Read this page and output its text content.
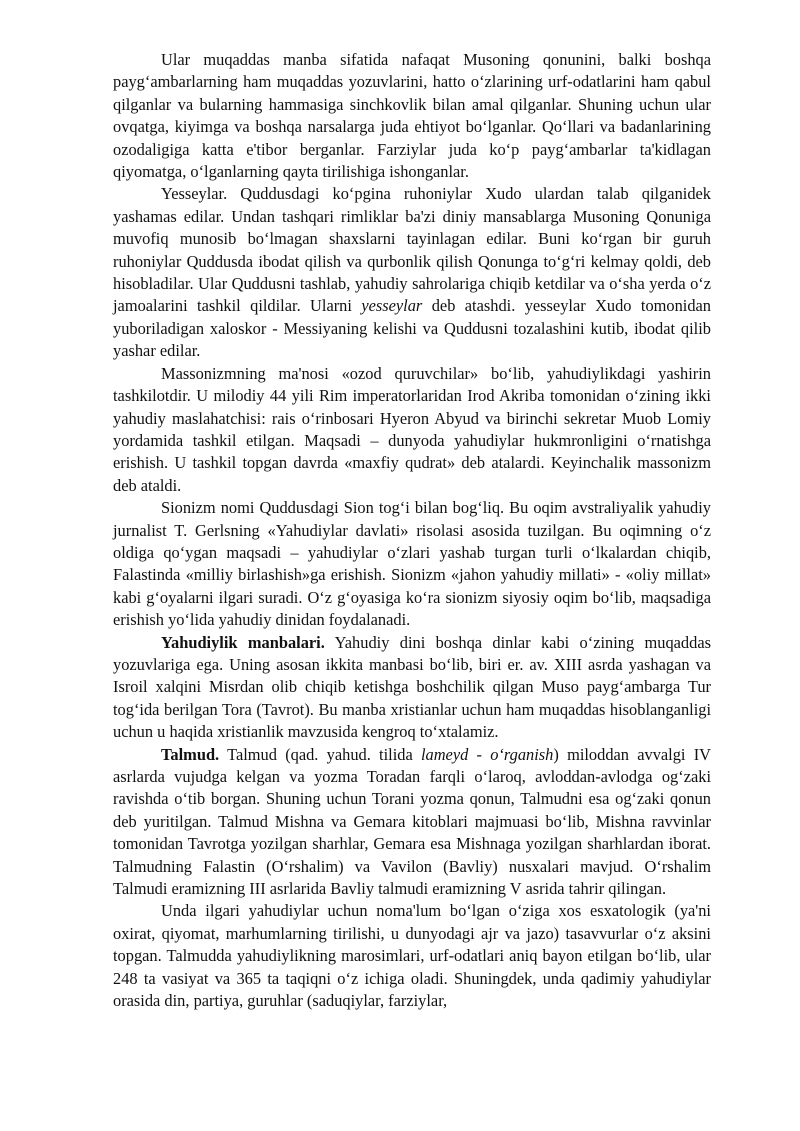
Ular muqaddas manba sifatida nafaqat Musoning qonunini, balki boshqa payg‘ambarlarning ham muqaddas yozuvlarini, hatto o‘zlarining urf-odatlarini ham qabul qilganlar va bularning hammasiga sinchkovlik bilan amal qilganlar. Shuning uchun ular ovqatga, kiyimga va boshqa narsalarga juda ehtiyot bo‘lganlar. Qo‘llari va badanlarining ozodaligiga katta e'tibor berganlar. Farziylar juda ko‘p payg‘ambarlar ta'kidlagan qiyomatga, o‘lganlarning qayta tirilishiga ishonganlar.

Yesseylar. Quddusdagi ko‘pgina ruhoniylar Xudo ulardan talab qilganidek yashamas edilar. Undan tashqari rimliklar ba'zi diniy mansablarga Musoning Qonuniga muvofiq munosib bo‘lmagan shaxslarni tayinlagan edilar. Buni ko‘rgan bir guruh ruhoniylar Quddusda ibodat qilish va qurbonlik qilish Qonunga to‘g‘ri kelmay qoldi, deb hisobladilar. Ular Quddusni tashlab, yahudiy sahrolariga chiqib ketdilar va o‘sha yerda o‘z jamoalarini tashkil qildilar. Ularni yesseylar deb atashdi. yesseylar Xudo tomonidan yuboriladigan xaloskor - Messiyaning kelishi va Quddusni tozalashini kutib, ibodat qilib yashar edilar.

Massonizmning ma'nosi «ozod quruvchilar» bo‘lib, yahudiylikdagi yashirin tashkilotdir. U milodiy 44 yili Rim imperatorlaridan Irod Akriba tomonidan o‘zining ikki yahudiy maslahatchisi: rais o‘rinbosari Hyeron Abyud va birinchi sekretar Muob Lomiy yordamida tashkil etilgan. Maqsadi – dunyoda yahudiylar hukmronligini o‘rnatishga erishish. U tashkil topgan davrda «maxfiy qudrat» deb atalardi. Keyinchalik massonizm deb ataldi.

Sionizm nomi Quddusdagi Sion tog‘i bilan bog‘liq. Bu oqim avstraliyalik yahudiy jurnalist T. Gerlsning «Yahudiylar davlati» risolasi asosida tuzilgan. Bu oqimning o‘z oldiga qo‘ygan maqsadi – yahudiylar o‘zlari yashab turgan turli o‘lkalardan chiqib, Falastinda «milliy birlashish»ga erishish. Sionizm «jahon yahudiy millati» - «oliy millat» kabi g‘oyalarni ilgari suradi. O‘z g‘oyasiga ko‘ra sionizm siyosiy oqim bo‘lib, maqsadiga erishish yo‘lida yahudiy dinidan foydalanadi.

Yahudiylik manbalari. Yahudiy dini boshqa dinlar kabi o‘zining muqaddas yozuvlariga ega. Uning asosan ikkita manbasi bo‘lib, biri er. av. XIII asrda yashagan va Isroil xalqini Misrdan olib chiqib ketishga boshchilik qilgan Muso payg‘ambarga Tur tog‘ida berilgan Tora (Tavrot). Bu manba xristianlar uchun ham muqaddas hisoblanganligi uchun u haqida xristianlik mavzusida kengroq to‘xtalamiz.

Talmud. Talmud (qad. yahud. tilida lameyd - o‘rganish) miloddan avvalgi IV asrlarda vujudga kelgan va yozma Toradan farqli o‘laroq, avloddan-avlodga og‘zaki ravishda o‘tib borgan. Shuning uchun Torani yozma qonun, Talmudni esa og‘zaki qonun deb yuritilgan. Talmud Mishna va Gemara kitoblari majmuasi bo‘lib, Mishna ravvinlar tomonidan Tavrotga yozilgan sharhlar, Gemara esa Mishnaga yozilgan sharhlardan iborat. Talmudning Falastin (O‘rshalim) va Vavilon (Bavliy) nusxalari mavjud. O‘rshalim Talmudi eramizning III asrlarida Bavliy talmudi eramizning V asrida tahrir qilingan.

Unda ilgari yahudiylar uchun noma'lum bo‘lgan o‘ziga xos esxatologik (ya'ni oxirat, qiyomat, marhumlarning tirilishi, u dunyodagi ajr va jazo) tasavvurlar o‘z aksini topgan. Talmudda yahudiylikning marosimlari, urf-odatlari aniq bayon etilgan bo‘lib, ular 248 ta vasiyat va 365 ta taqiqni o‘z ichiga oladi. Shuningdek, unda qadimiy yahudiylar orasida din, partiya, guruhlar (saduqiylar, farziylar,
